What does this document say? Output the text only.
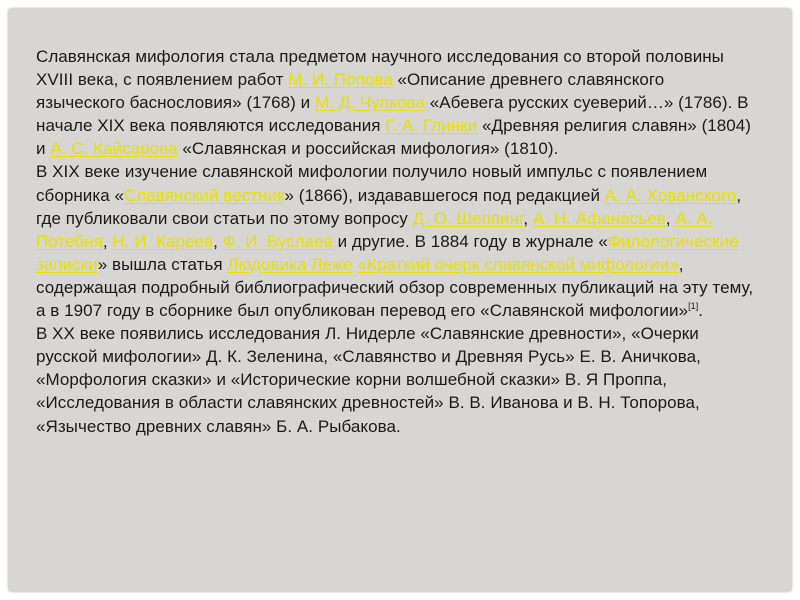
Славянская мифология стала предметом научного исследования со второй половины XVIII века, с появлением работ М. И. Попова «Описание древнего славянского языческого баснословия» (1768) и М. Д. Чулкова «Абевега русских суеверий…» (1786). В начале XIX века появляются исследования Г. А. Глинки «Древняя религия славян» (1804) и А. С. Кайсарова «Славянская и российская мифология» (1810).

В XIX веке изучение славянской мифологии получило новый импульс с появлением сборника «Славянский вестник» (1866), издававшегося под редакцией А. А. Хованского, где публиковали свои статьи по этому вопросу Д. О. Шеппинг, А. Н. Афанасьев, А. А. Потебня, Н. И. Кареев, Ф. И. Буслаев и другие. В 1884 году в журнале «Филологические записки» вышла статья Людовика Леже «Краткий очерк славянской мифологии», содержащая подробный библиографический обзор современных публикаций на эту тему, а в 1907 году в сборнике был опубликован перевод его «Славянской мифологии»[1].

В XX веке появились исследования Л. Нидерле «Славянские древности», «Очерки русской мифологии» Д. К. Зеленина, «Славянство и Древняя Русь» Е. В. Аничкова, «Морфология сказки» и «Исторические корни волшебной сказки» В. Я Проппа, «Исследования в области славянских древностей» В. В. Иванова и В. Н. Топорова, «Язычество древних славян» Б. А. Рыбакова.
